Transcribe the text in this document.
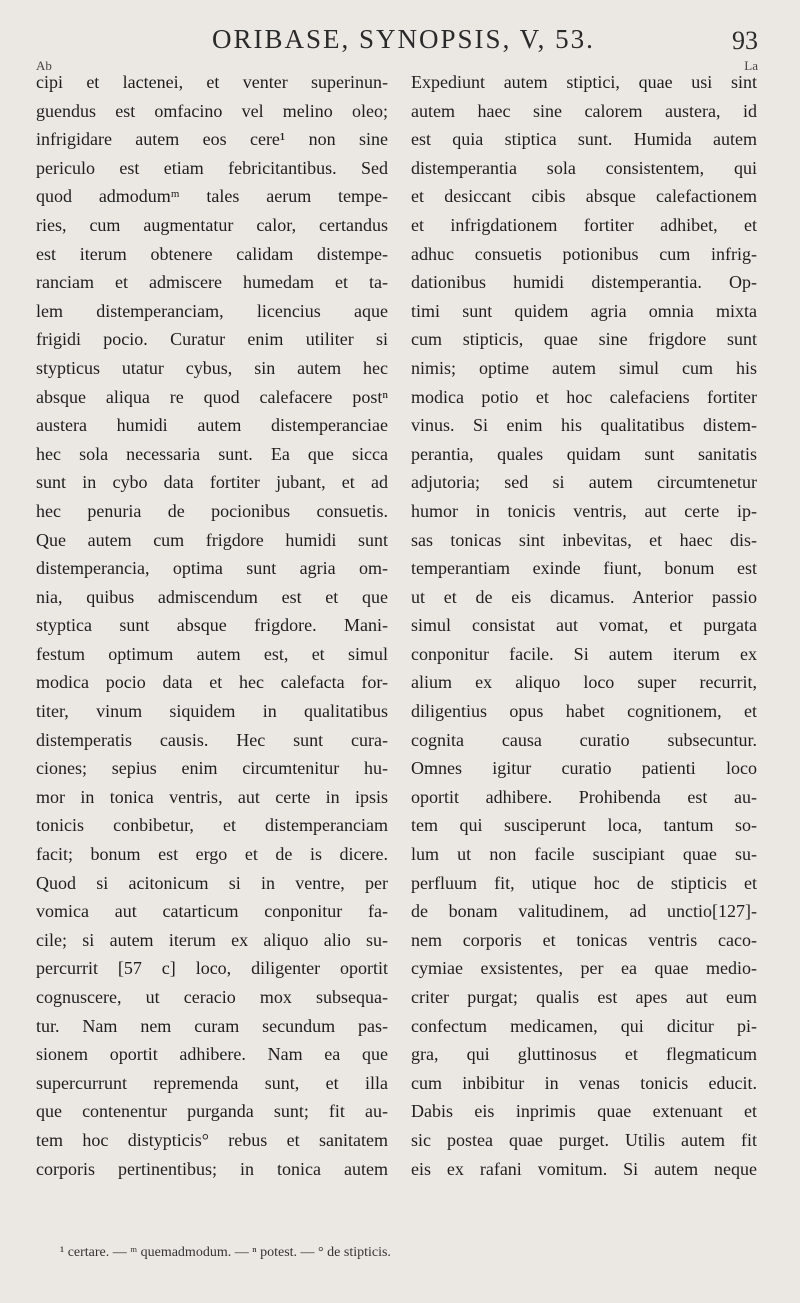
ORIBASE, SYNOPSIS, V, 53.	93
Ab	La
cipi et lactenei, et venter superinun-
guendus est omfacino vel melino oleo;
infrigidare autem eos cere¹ non sine
periculo est etiam febricitantibus. Sed
quod admodumᵐ tales aerum tempe-
ries, cum augmentatur calor, certandus
est iterum obtenere calidam distempe-
ranciam et admiscere humedam et ta-
lem distemperanciam, licencius aque
frigidi pocio. Curatur enim utiliter si
stypticus utatur cybus, sin autem hec
absque aliqua re quod calefacere postⁿ
austera humidi autem distemperanciae
hec sola necessaria sunt. Ea que sicca
sunt in cybo data fortiter jubant, et ad
hec penuria de pocionibus consuetis.
Que autem cum frigdore humidi sunt
distemperancia, optima sunt agria om-
nia, quibus admiscendum est et que
styptica sunt absque frigdore. Mani-
festum optimum autem est, et simul
modica pocio data et hec calefacta for-
titer, vinum siquidem in qualitatibus
distemperatis causis. Hec sunt cura-
ciones; sepius enim circumtenitur hu-
mor in tonica ventris, aut certe in ipsis
tonicis conbibetur, et distemperanciam
facit; bonum est ergo et de is dicere.
Quod si acitonicum si in ventre, per
vomica aut catarticum conponitur fa-
cile; si autem iterum ex aliquo alio su-
percurrit [57 c] loco, diligenter oportit
cognuscere, ut ceracio mox subsequa-
tur. Nam nem curam secundum pas-
sionem oportit adhibere. Nam ea que
supercurrunt repremenda sunt, et illa
que contenentur purganda sunt; fit au-
tem hoc distypticis° rebus et sanitatem
corporis pertinentibus; in tonica autem
Expediunt autem stiptici, quae usi sint
autem haec sine calorem austera, id
est quia stiptica sunt. Humida autem
distemperantia sola consistentem, qui
et desiccant cibis absque calefactionem
et infrigdationem fortiter adhibet, et
adhuc consuetis potionibus cum infrig-
dationibus humidi distemperantia. Op-
timi sunt quidem agria omnia mixta
cum stipticis, quae sine frigdore sunt
nimis; optime autem simul cum his
modica potio et hoc calefaciens fortiter
vinus. Si enim his qualitatibus distem-
perantia, quales quidam sunt sanitatis
adjutoria; sed si autem circumtenetur
humor in tonicis ventris, aut certe ip-
sas tonicas sint inbevitas, et haec dis-
temperantiam exinde fiunt, bonum est
ut et de eis dicamus. Anterior passio
simul consistat aut vomat, et purgata
conponitur facile. Si autem iterum ex
alium ex aliquo loco super recurrit,
diligentius opus habet cognitionem, et
cognita causa curatio subsecuntur.
Omnes igitur curatio patienti loco
oportit adhibere. Prohibenda est au-
tem qui susciperunt loca, tantum so-
lum ut non facile suscipiant quae su-
perfluum fit, utique hoc de stipticis et
de bonam valitudinem, ad unctio[127]-
nem corporis et tonicas ventris caco-
cymiae exsistentes, per ea quae medio-
criter purgat; qualis est apes aut eum
confectum medicamen, qui dicitur pi-
gra, qui gluttinosus et flegmaticum
cum inbibitur in venas tonicis educit.
Dabis eis inprimis quae extenuant et
sic postea quae purget. Utilis autem fit
eis ex rafani vomitum. Si autem neque
¹ certare. — ᵐ quemadmodum. — ⁿ potest. — ° de stipticis.
